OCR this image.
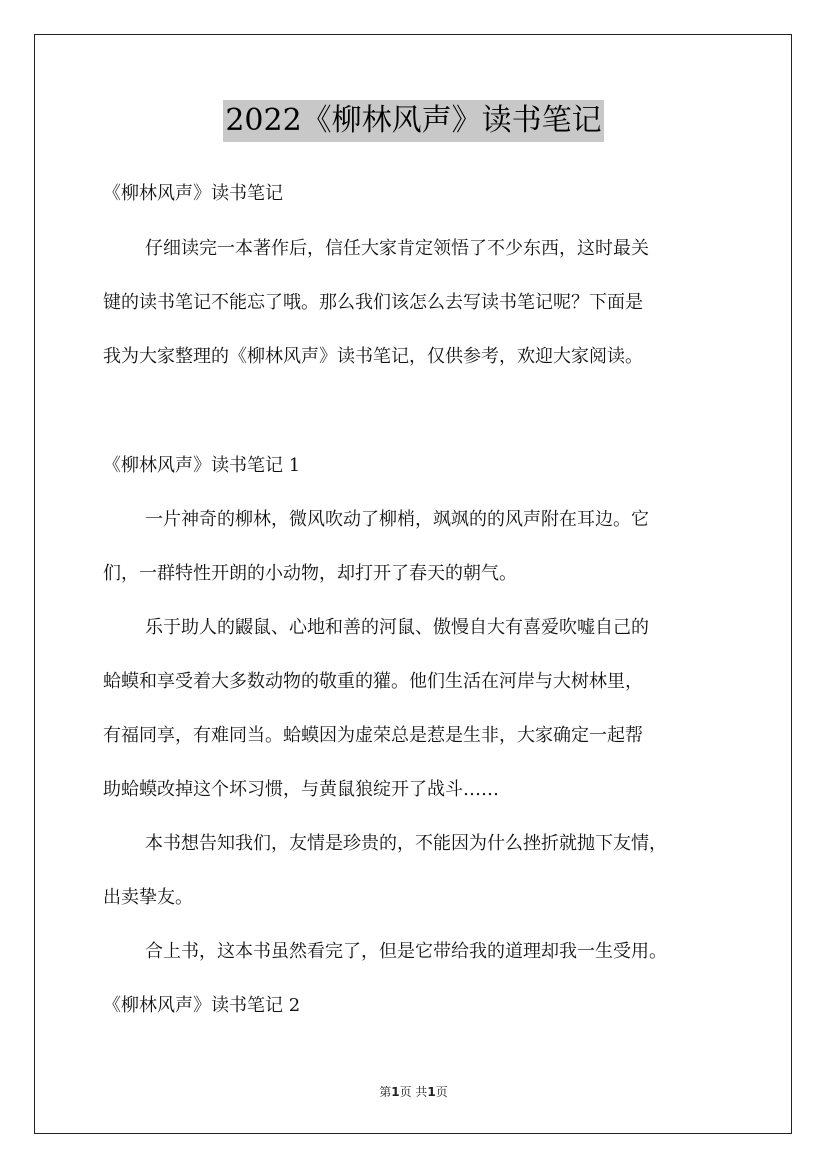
2022《柳林风声》读书笔记
《柳林风声》读书笔记
仔细读完一本著作后，信任大家肯定领悟了不少东西，这时最关
键的读书笔记不能忘了哦。那么我们该怎么去写读书笔记呢？下面是
我为大家整理的《柳林风声》读书笔记，仅供参考，欢迎大家阅读。
《柳林风声》读书笔记 1
一片神奇的柳林，微风吹动了柳梢，飒飒的的风声附在耳边。它
们，一群特性开朗的小动物，却打开了春天的朝气。
乐于助人的鼹鼠、心地和善的河鼠、傲慢自大有喜爱吹嘘自己的
蛤蟆和享受着大多数动物的敬重的獾。他们生活在河岸与大树林里，
有福同享，有难同当。蛤蟆因为虚荣总是惹是生非，大家确定一起帮
助蛤蟆改掉这个坏习惯，与黄鼠狼绽开了战斗……
本书想告知我们，友情是珍贵的，不能因为什么挫折就抛下友情，
出卖挚友。
合上书，这本书虽然看完了，但是它带给我的道理却我一生受用。
《柳林风声》读书笔记 2
第1页 共1页
